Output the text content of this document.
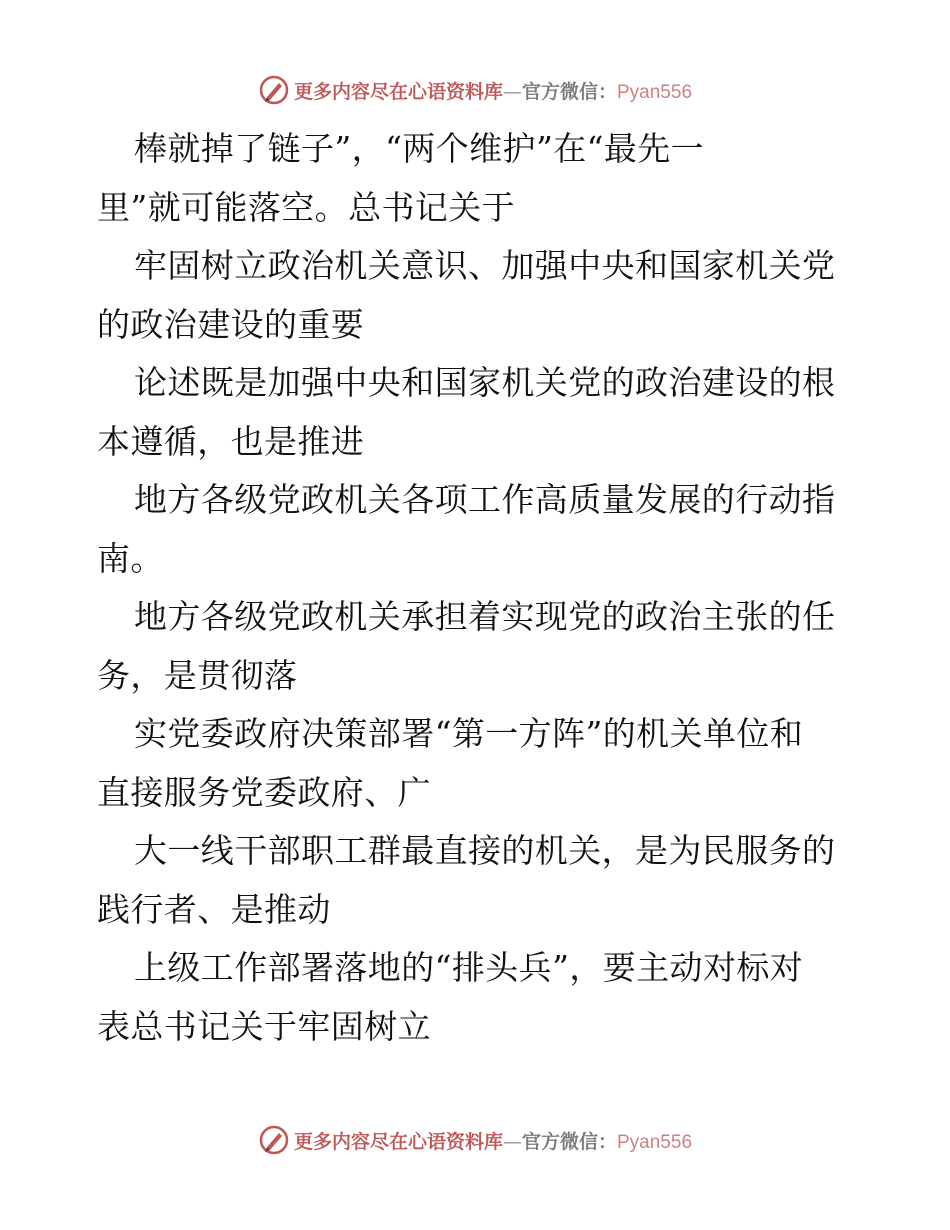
更多内容尽在心语资料库—官方微信：Pyan556
棒就掉了链子”，“两个维护”在“最先一
里”就可能落空。总书记关于
牢固树立政治机关意识、加强中央和国家机关党
的政治建设的重要
论述既是加强中央和国家机关党的政治建设的根
本遵循，也是推进
地方各级党政机关各项工作高质量发展的行动指
南。
地方各级党政机关承担着实现党的政治主张的任
务，是贯彻落
实党委政府决策部署“第一方阵”的机关单位和
直接服务党委政府、广
大一线干部职工群最直接的机关，是为民服务的
践行者、是推动
上级工作部署落地的“排头兵”，要主动对标对
表总书记关于牢固树立
更多内容尽在心语资料库—官方微信：Pyan556
